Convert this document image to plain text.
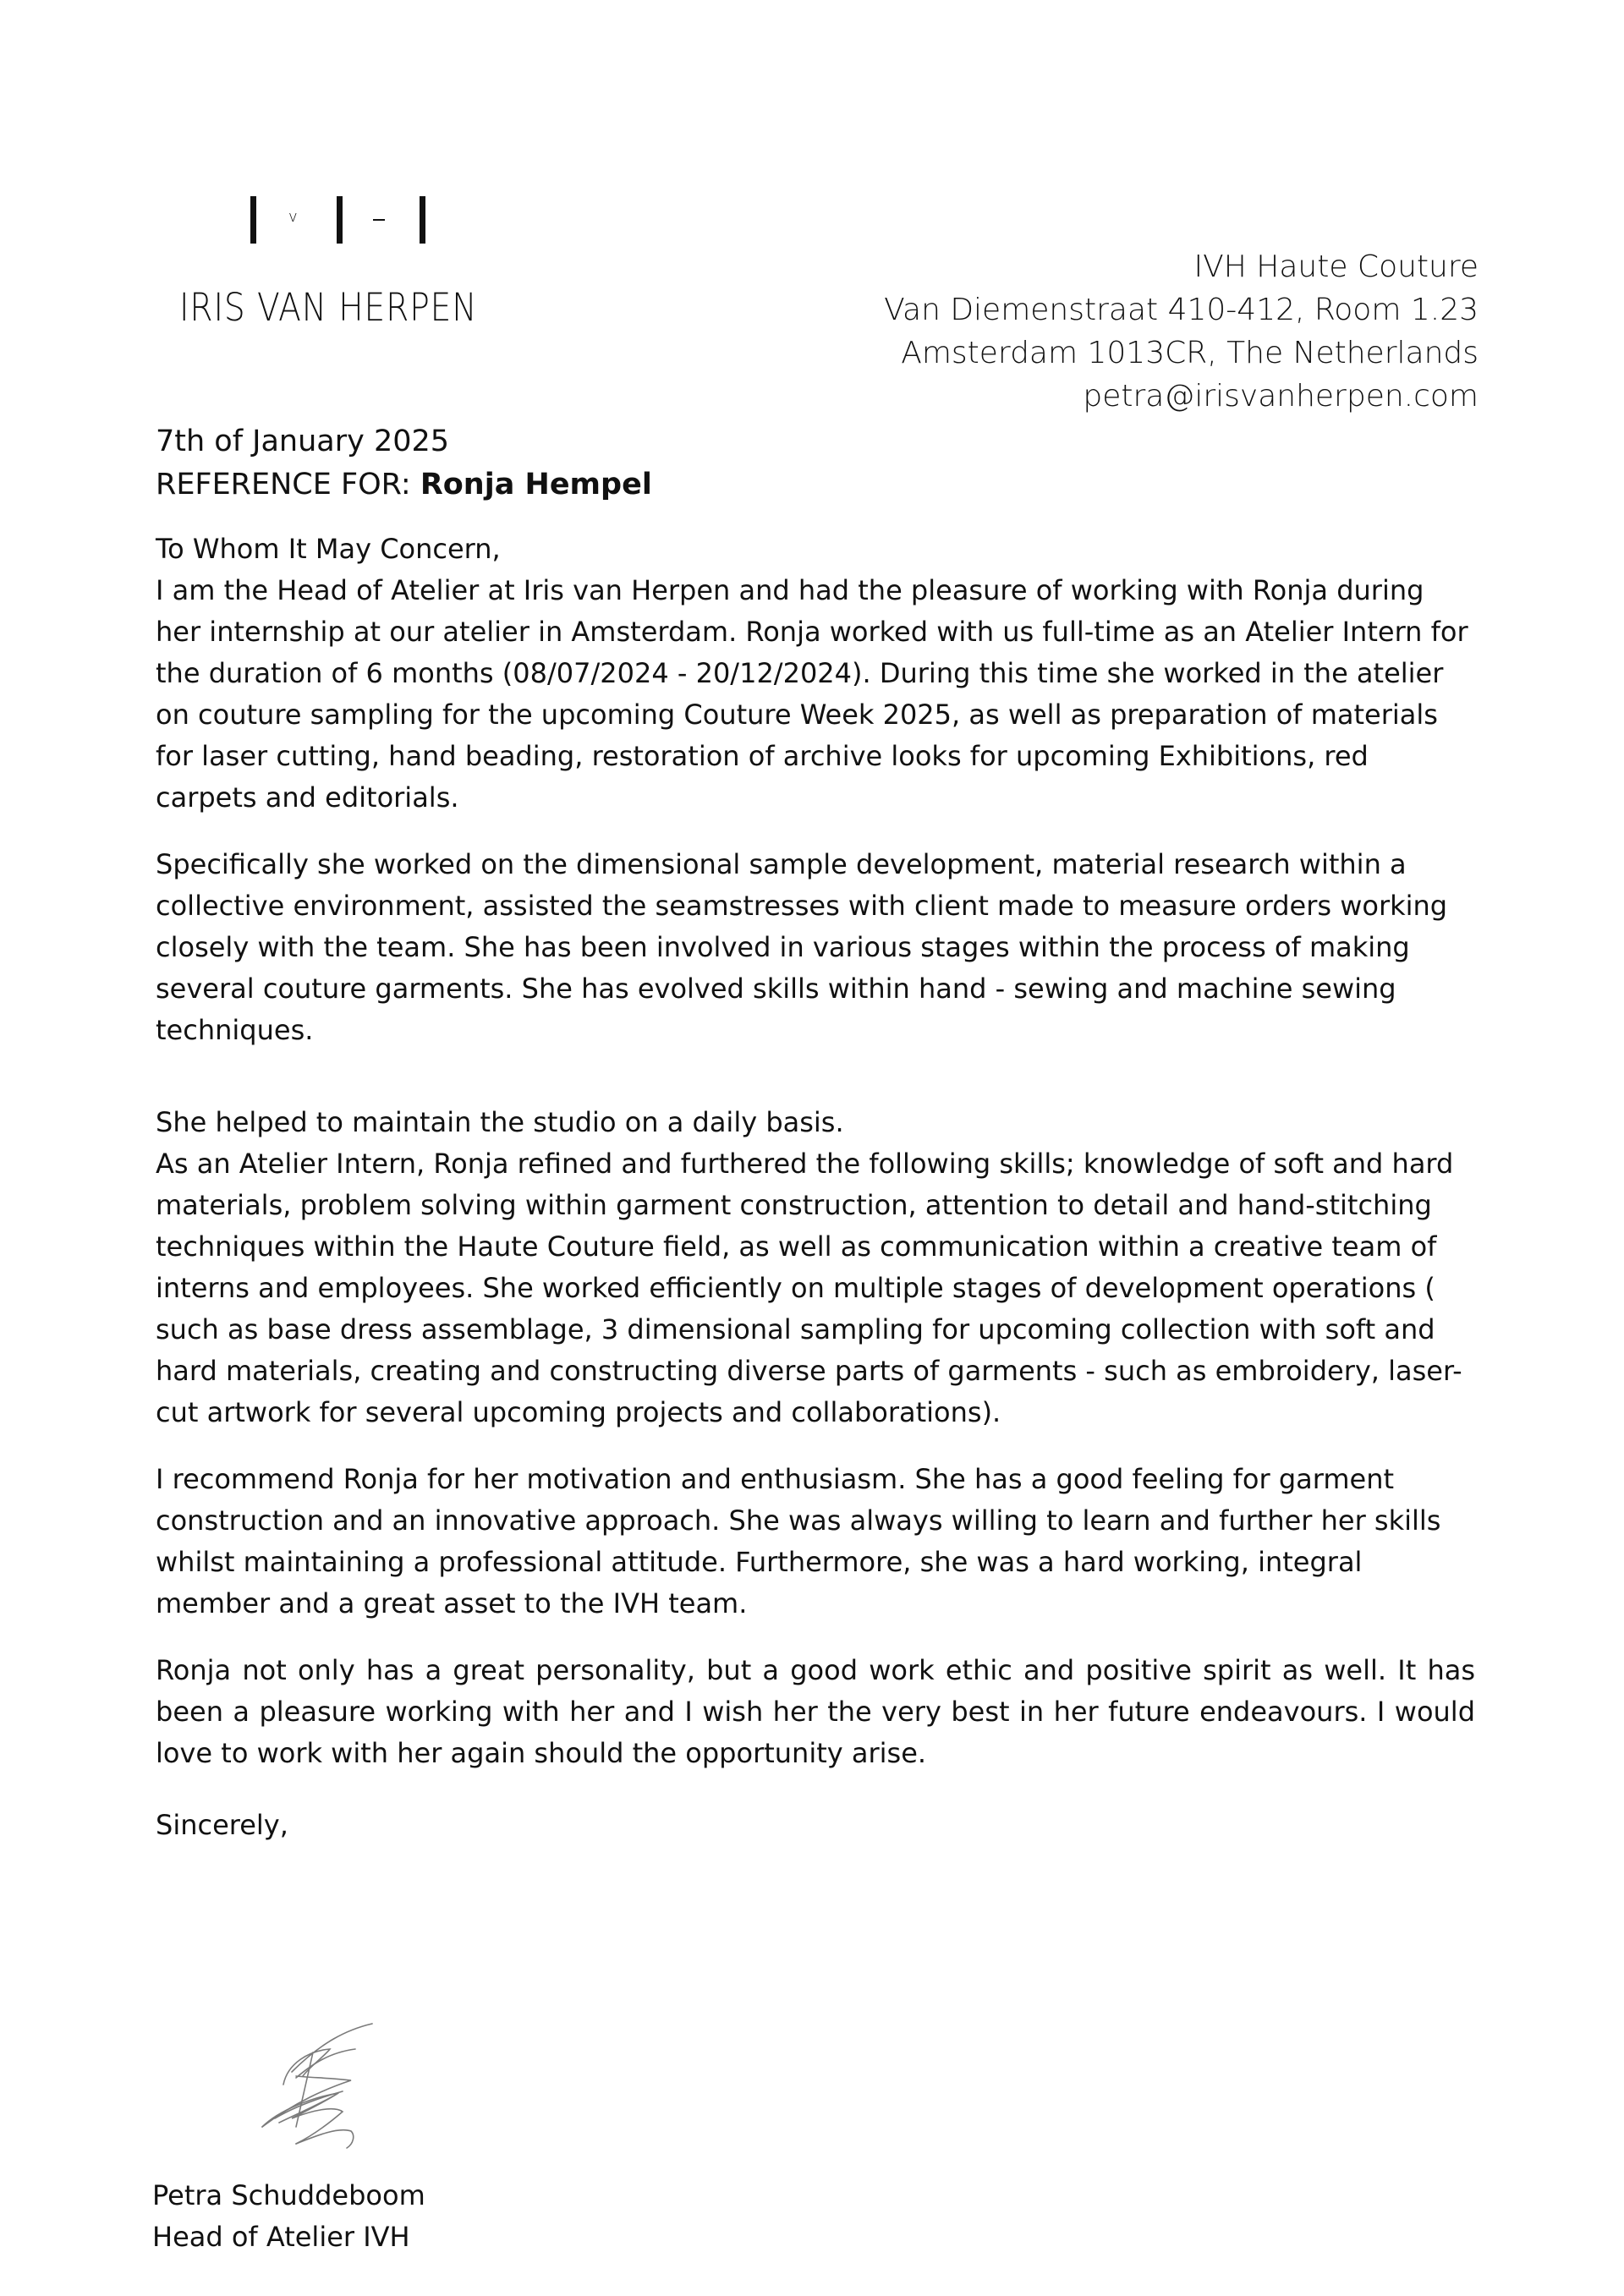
v
IRIS VAN HERPEN
IVH Haute Couture
Van Diemenstraat 410-412, Room 1.23
Amsterdam 1013CR, The Netherlands
petra@irisvanherpen.com
7th of January 2025
REFERENCE FOR: Ronja Hempel

To Whom It May Concern,

I am the Head of Atelier at Iris van Herpen and had the pleasure of working with Ronja during her internship at our atelier in Amsterdam. Ronja worked with us full-time as an Atelier Intern for the duration of 6 months (08/07/2024 - 20/12/2024). During this time she worked in the atelier on couture sampling for the upcoming Couture Week 2025, as well as preparation of materials for laser cutting, hand beading, restoration of archive looks for upcoming Exhibitions, red carpets and editorials.

Specifically she worked on the dimensional sample development, material research within a collective environment, assisted the seamstresses with client made to measure orders working closely with the team. She has been involved in various stages within the process of making several couture garments. She has evolved skills within hand - sewing and machine sewing techniques.

She helped to maintain the studio on a daily basis.

As an Atelier Intern, Ronja refined and furthered the following skills; knowledge of soft and hard materials, problem solving within garment construction, attention to detail and hand-stitching techniques within the Haute Couture field, as well as communication within a creative team of interns and employees. She worked efficiently on multiple stages of development operations ( such as base dress assemblage, 3 dimensional sampling for upcoming collection with soft and hard materials, creating and constructing diverse parts of garments - such as embroidery, laser-cut artwork for several upcoming projects and collaborations).

I recommend Ronja for her motivation and enthusiasm. She has a good feeling for garment construction and an innovative approach. She was always willing to learn and further her skills whilst maintaining a professional attitude. Furthermore, she was a hard working, integral member and a great asset to the IVH team.

Ronja not only has a great personality, but a good work ethic and positive spirit as well. It has been a pleasure working with her and I wish her the very best in her future endeavours. I would love to work with her again should the opportunity arise.

Sincerely,

Petra Schuddeboom
Head of Atelier IVH
